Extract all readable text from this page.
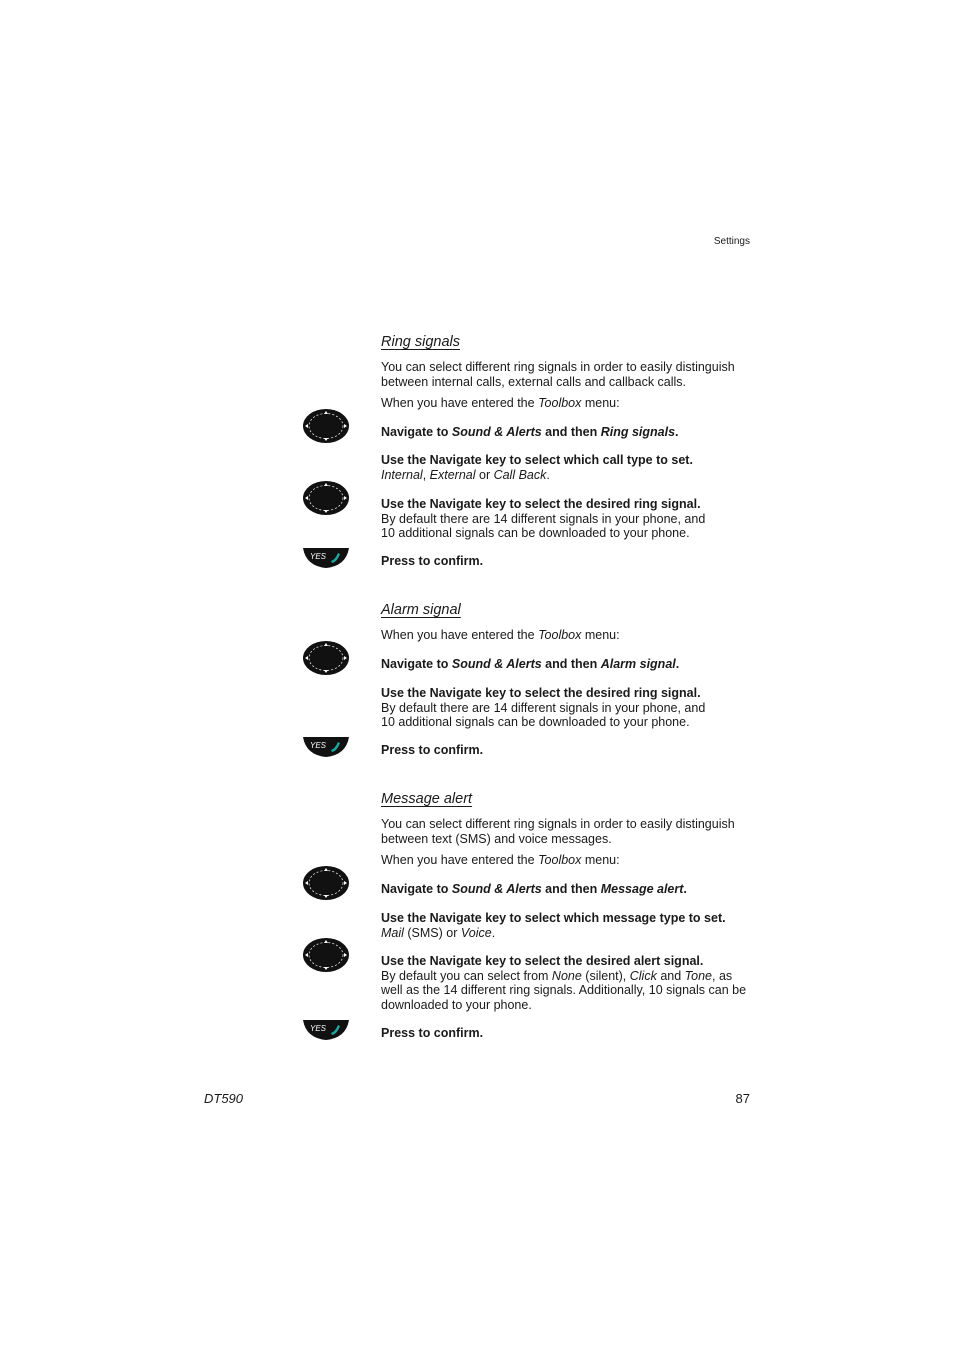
Settings
Ring signals
You can select different ring signals in order to easily distinguish
between internal calls, external calls and callback calls.
When you have entered the Toolbox menu:
Navigate to Sound & Alerts and then Ring signals.
Use the Navigate key to select which call type to set.
Internal, External or Call Back.
Use the Navigate key to select the desired ring signal.
By default there are 14 different signals in your phone, and
10 additional signals can be downloaded to your phone.
YES	Press to confirm.
Alarm signal
When you have entered the Toolbox menu:
Navigate to Sound & Alerts and then Alarm signal.
Use the Navigate key to select the desired ring signal.
By default there are 14 different signals in your phone, and
10 additional signals can be downloaded to your phone.
YES	Press to confirm.
Message alert
You can select different ring signals in order to easily distinguish
between text (SMS) and voice messages.
When you have entered the Toolbox menu:
Navigate to Sound & Alerts and then Message alert.
Use the Navigate key to select which message type to set.
Mail (SMS) or Voice.
Use the Navigate key to select the desired alert signal.
By default you can select from None (silent), Click and Tone, as
well as the 14 different ring signals. Additionally, 10 signals can be
downloaded to your phone.
YES	Press to confirm.
DT590	87
